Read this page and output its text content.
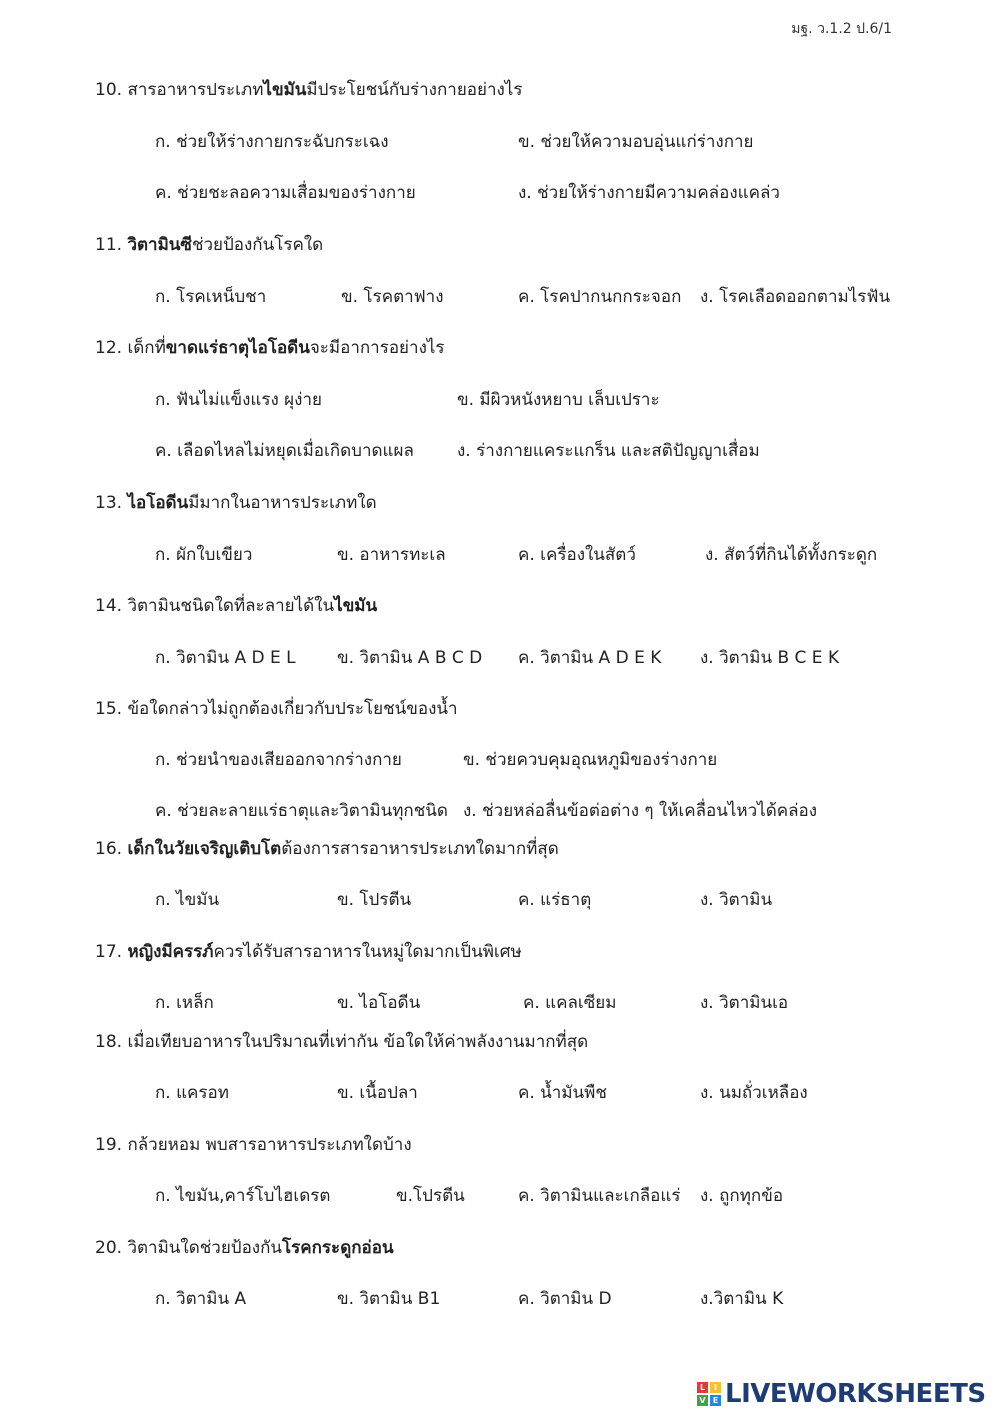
มฐ. ว.1.2 ป.6/1
10. สารอาหารประเภทไขมันมีประโยชน์กับร่างกายอย่างไร
ก. ช่วยให้ร่างกายกระฉับกระเฉง	ข. ช่วยให้ความอบอุ่นแก่ร่างกาย
ค. ช่วยชะลอความเสื่อมของร่างกาย	ง. ช่วยให้ร่างกายมีความคล่องแคล่ว
11. วิตามินซีช่วยป้องกันโรคใด
ก. โรคเหน็บชา	ข. โรคตาฟาง	ค. โรคปากนกกระจอก ง. โรคเลือดออกตามไรฟัน
12. เด็กที่ขาดแร่ธาตุไอโอดีนจะมีอาการอย่างไร
ก. ฟันไม่แข็งแรง ผุง่าย	ข. มีผิวหนังหยาบ เล็บเปราะ
ค. เลือดไหลไม่หยุดเมื่อเกิดบาดแผล	ง. ร่างกายแคระแกร็น และสติปัญญาเสื่อม
13. ไอโอดีนมีมากในอาหารประเภทใด
ก. ผักใบเขียว	ข. อาหารทะเล	ค. เครื่องในสัตว์	ง. สัตว์ที่กินได้ทั้งกระดูก
14. วิตามินชนิดใดที่ละลายได้ในไขมัน
ก. วิตามิน A D E L ข. วิตามิน A B C D ค. วิตามิน A D E K ง. วิตามิน B C E K
15. ข้อใดกล่าวไม่ถูกต้องเกี่ยวกับประโยชน์ของน้ำ
ก. ช่วยนำของเสียออกจากร่างกาย	ข. ช่วยควบคุมอุณหภูมิของร่างกาย
ค. ช่วยละลายแร่ธาตุและวิตามินทุกชนิด ง. ช่วยหล่อลื่นข้อต่อต่าง ๆ ให้เคลื่อนไหวได้คล่อง
16. เด็กในวัยเจริญเติบโตต้องการสารอาหารประเภทใดมากที่สุด
ก. ไขมัน	ข. โปรตีน	ค. แร่ธาตุ	ง. วิตามิน
17. หญิงมีครรภ์ควรได้รับสารอาหารในหมู่ใดมากเป็นพิเศษ
ก. เหล็ก	ข. ไอโอดีน	ค. แคลเซียม	ง. วิตามินเอ
18. เมื่อเทียบอาหารในปริมาณที่เท่ากัน ข้อใดให้ค่าพลังงานมากที่สุด
ก. แครอท	ข. เนื้อปลา	ค. น้ำมันพืช	ง. นมถั่วเหลือง
19. กล้วยหอม พบสารอาหารประเภทใดบ้าง
ก. ไขมัน,คาร์โบไฮเดรต	ข.โปรตีน	ค. วิตามินและเกลือแร่ ง. ถูกทุกข้อ
20. วิตามินใดช่วยป้องกันโรคกระดูกอ่อน
ก. วิตามิน A	ข. วิตามิน B1	ค. วิตามิน D	ง.วิตามิน K
L	I
V E LIVEWORKSHEETS
